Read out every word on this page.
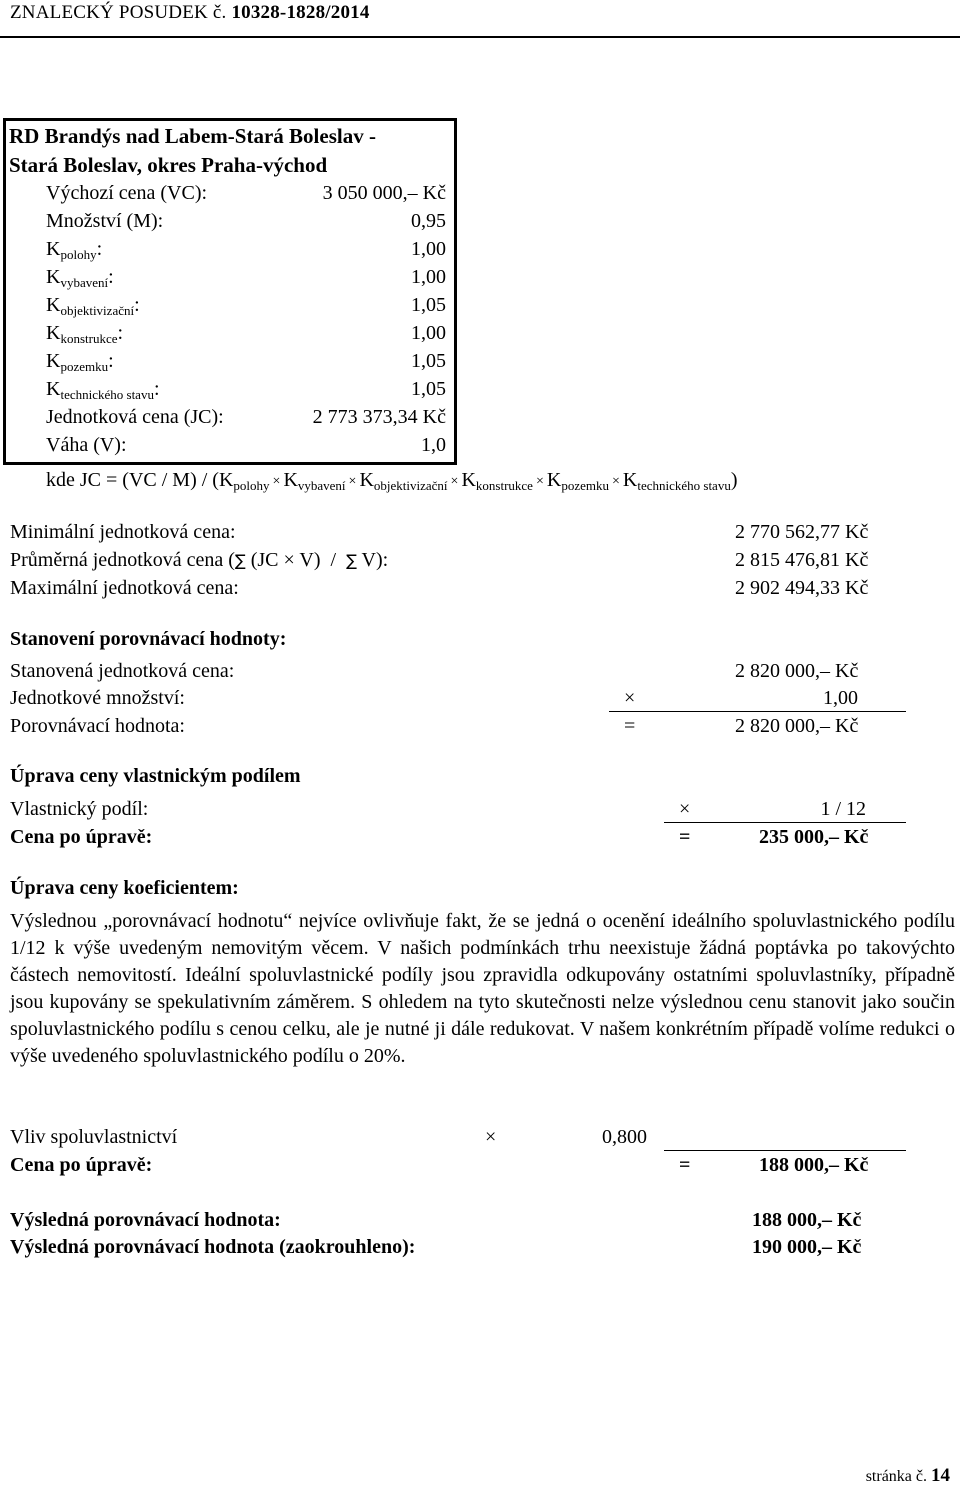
ZNALECKÝ POSUDEK č. 10328-1828/2014
RD Brandýs nad Labem-Stará Boleslav -
Stará Boleslav, okres Praha-východ
Výchozí cena (VC):	3 050 000,– Kč
Množství (M):	0,95
$K_{polohy}$:	1,00
$K_{vybavení}$:	1,00
$K_{objektivizační}$:	1,05
$K_{konstrukce}$:	1,00
$K_{pozemku}$:	1,05
$K_{technického stavu}$:	1,05
Jednotková cena (JC):	2 773 373,34 Kč
Váha (V):	1,0
kde JC = $(VC / M) / (K_{polohy} \times K_{vybavení} \times K_{objektivizační} \times K_{konstrukce} \times K_{pozemku} \times K_{technického stavu})$
Minimální jednotková cena:	2 770 562,77 Kč
Průměrná jednotková cena (∑ (JC × V)  /  ∑ V):	2 815 476,81 Kč
Maximální jednotková cena:	2 902 494,33 Kč
Stanovení porovnávací hodnoty:
Stanovená jednotková cena:	2 820 000,– Kč
Jednotkové množství:	×	1,00
Porovnávací hodnota:	=	2 820 000,– Kč
Úprava ceny vlastnickým podílem
Vlastnický podíl:	×	1 / 12
Cena po úpravě:	=	235 000,– Kč
Úprava ceny koeficientem:
Výslednou „porovnávací hodnotu“ nejvíce ovlivňuje fakt, že se jedná o ocenění ideálního spoluvlastnického podílu 1/12 k výše uvedeným nemovitým věcem. V našich podmínkách trhu neexistuje žádná poptávka po takovýchto částech nemovitostí. Ideální spoluvlastnické podíly jsou zpravidla odkupovány ostatními spoluvlastníky, případně jsou kupovány se spekulativním záměrem. S ohledem na tyto skutečnosti nelze výslednou cenu stanovit jako součin spoluvlastnického podílu s cenou celku, ale je nutné ji dále redukovat. V našem konkrétním případě volíme redukci o výše uvedeného spoluvlastnického podílu o 20%.
Vliv spoluvlastnictví	×	0,800
Cena po úpravě:	=	188 000,– Kč
Výsledná porovnávací hodnota:	188 000,– Kč
Výsledná porovnávací hodnota (zaokrouhleno):	190 000,– Kč
stránka č. 14
